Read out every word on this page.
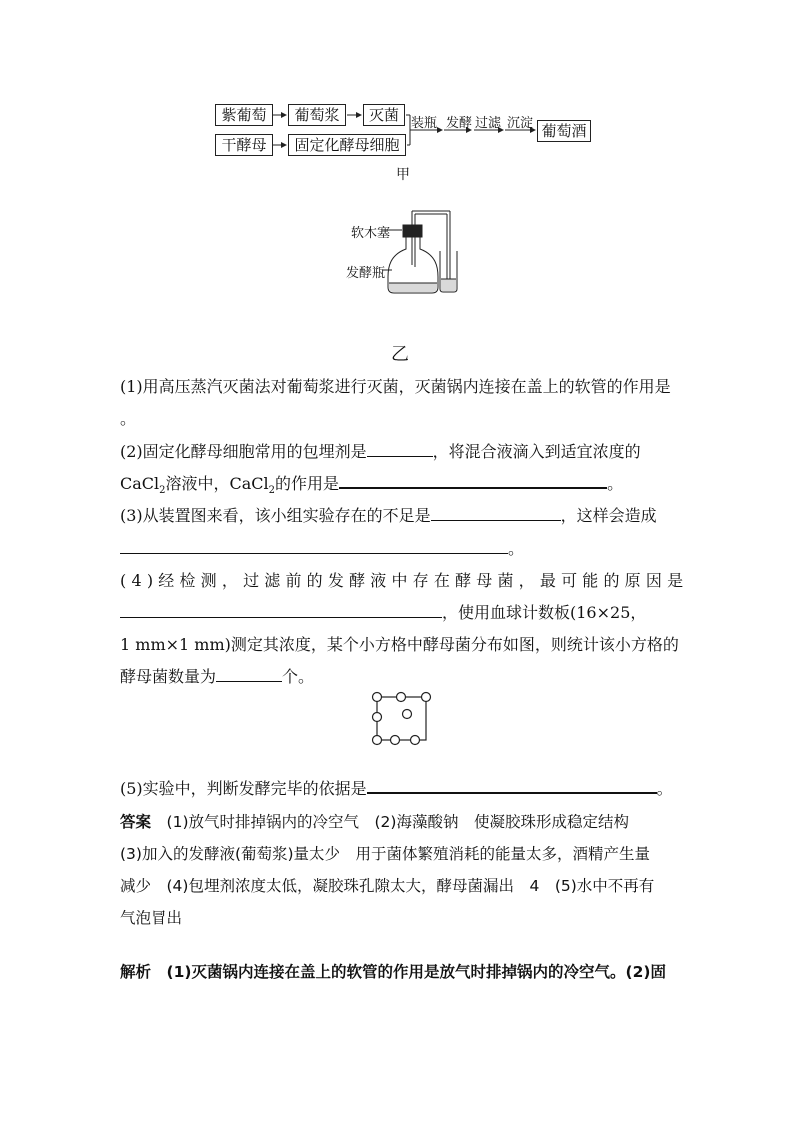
紫葡萄	葡萄浆	灭菌
干酵母	固定化酵母细胞
葡萄酒
装瓶 发酵 过滤 沉淀
甲
软木塞
发酵瓶
乙
(1)用高压蒸汽灭菌法对葡萄浆进行灭菌，灭菌锅内连接在盖上的软管的作用是
。
(2)固定化酵母细胞常用的包埋剂是	，将混合液滴入到适宜浓度的
CaCl$_2$溶液中，CaCl$_2$的作用是	。
(3)从装置图来看，该小组实验存在的不足是	，这样会造成
。
(4)经检测，过滤前的发酵液中存在酵母菌，最可能的原因是
，使用血球计数板(16×25，
1 mm×1 mm)测定其浓度，某个小方格中酵母菌分布如图，则统计该小方格的
酵母菌数量为	个。
(5)实验中，判断发酵完毕的依据是	。
答案　 (1)放气时排掉锅内的冷空气　(2)海藻酸钠　使凝胶珠形成稳定结构
(3)加入的发酵液(葡萄浆)量太少　用于菌体繁殖消耗的能量太多，酒精产生量
减少　(4)包埋剂浓度太低，凝胶珠孔隙太大，酵母菌漏出　4　(5)水中不再有
气泡冒出
解析　 (1)灭菌锅内连接在盖上的软管的作用是放气时排掉锅内的冷空气。(2)固
